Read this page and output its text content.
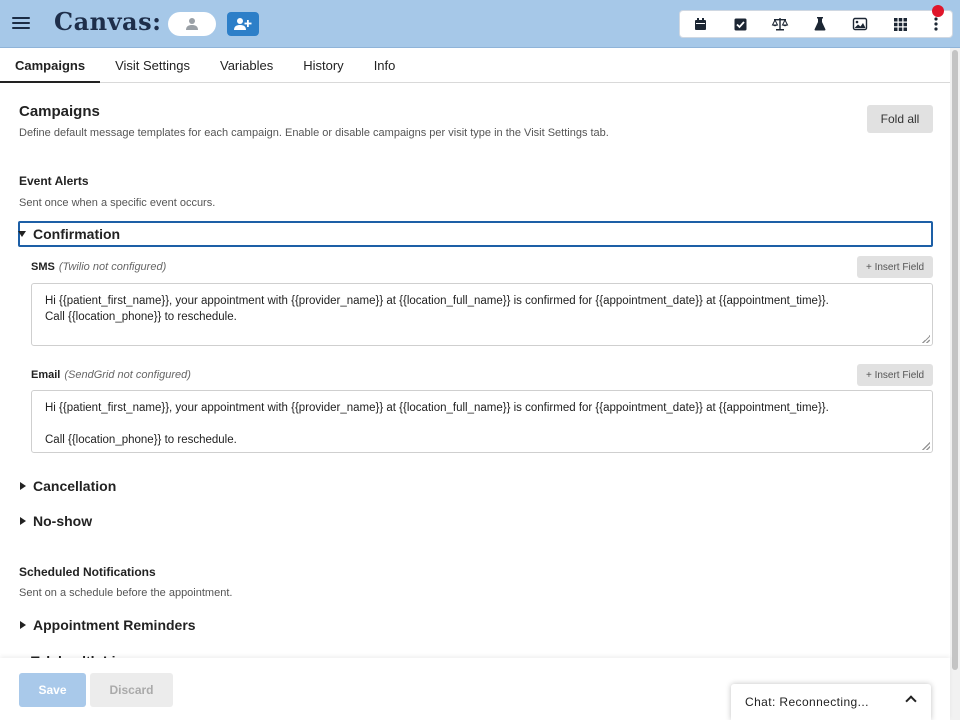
Canvas:
Campaigns	Visit Settings	Variables	History	Info
Campaigns
Define default message templates for each campaign. Enable or disable campaigns per visit type in the Visit Settings tab.
Fold all
Event Alerts
Sent once when a specific event occurs.
Confirmation
SMS (Twilio not configured)	+ Insert Field
Hi {{patient_first_name}}, your appointment with {{provider_name}} at {{location_full_name}} is confirmed for {{appointment_date}} at {{appointment_time}}.
Call {{location_phone}} to reschedule.
Email (SendGrid not configured)	+ Insert Field
Hi {{patient_first_name}}, your appointment with {{provider_name}} at {{location_full_name}} is confirmed for {{appointment_date}} at {{appointment_time}}.

Call {{location_phone}} to reschedule.
Cancellation
No-show
Scheduled Notifications
Sent on a schedule before the appointment.
Appointment Reminders
Save	Discard
Chat: Reconnecting...
